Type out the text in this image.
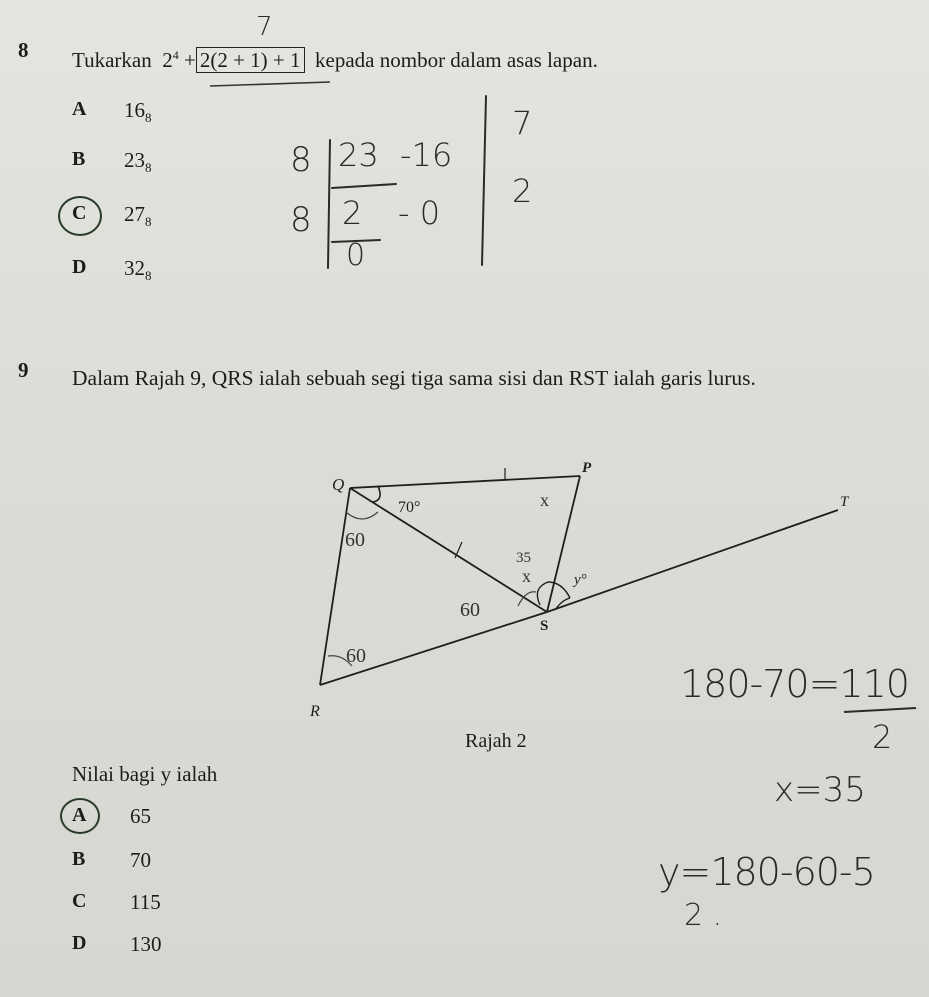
8 Tukarkan $2^4 + 2(2 + 1) + 1$ kepada nombor dalam asas lapan.
7
A $16_8$
B $23_8$
C $27_8$
D $32_8$
8 23 -16
8 2 - 0
0
7
2
9 Dalam Rajah 9, QRS ialah sebuah segi tiga sama sisi dan RST ialah garis lurus.
Q
P
T
S
R
70°
y°
x
60
35
x
60
60
Rajah 2
Nilai bagi y ialah
A 65
B 70
C 115
D 130
180-70=110
2
x=35
y=180-60-5
2 .
